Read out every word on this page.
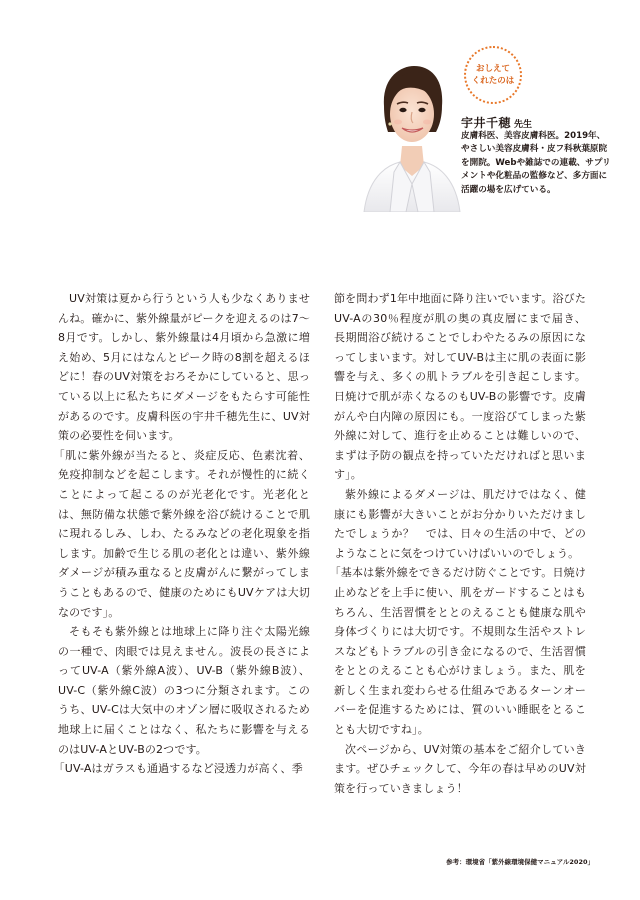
おしえて
くれたのは
宇井千穂 先生

皮膚科医、美容皮膚科医。2019年、やさしい美容皮膚科・皮フ科秋葉原院を開院。Webや雑誌での連載、サプリメントや化粧品の監修など、多方面に活躍の場を広げている。

UV対策は夏から行うという人も少なくありませんね。確かに、紫外線量がピークを迎えるのは7〜8月です。しかし、紫外線量は4月頃から急激に増え始め、5月にはなんとピーク時の8割を超えるほどに！春のUV対策をおろそかにしていると、思っている以上に私たちにダメージをもたらす可能性があるのです。皮膚科医の宇井千穂先生に、UV対策の必要性を伺います。

「肌に紫外線が当たると、炎症反応、色素沈着、免疫抑制などを起こします。それが慢性的に続くことによって起こるのが光老化です。光老化とは、無防備な状態で紫外線を浴び続けることで肌に現れるしみ、しわ、たるみなどの老化現象を指します。加齢で生じる肌の老化とは違い、紫外線ダメージが積み重なると皮膚がんに繋がってしまうこともあるので、健康のためにもUVケアは大切なのです」。

そもそも紫外線とは地球上に降り注ぐ太陽光線の一種で、肉眼では見えません。波長の長さによってUV-A（紫外線A波）、UV-B（紫外線B波）、UV-C（紫外線C波）の3つに分類されます。このうち、UV-Cは大気中のオゾン層に吸収されるため地球上に届くことはなく、私たちに影響を与えるのはUV-AとUV-Bの2つです。

「UV-Aはガラスも通過するなど浸透力が高く、季

節を問わず1年中地面に降り注いでいます。浴びたUV-Aの30％程度が肌の奥の真皮層にまで届き、長期間浴び続けることでしわやたるみの原因になってしまいます。対してUV-Bは主に肌の表面に影響を与え、多くの肌トラブルを引き起こします。日焼けで肌が赤くなるのもUV-Bの影響です。皮膚がんや白内障の原因にも。一度浴びてしまった紫外線に対して、進行を止めることは難しいので、まずは予防の観点を持っていただければと思います」。

紫外線によるダメージは、肌だけではなく、健康にも影響が大きいことがお分かりいただけましたでしょうか？　では、日々の生活の中で、どのようなことに気をつけていけばいいのでしょう。

「基本は紫外線をできるだけ防ぐことです。日焼け止めなどを上手に使い、肌をガードすることはもちろん、生活習慣をととのえることも健康な肌や身体づくりには大切です。不規則な生活やストレスなどもトラブルの引き金になるので、生活習慣をととのえることも心がけましょう。また、肌を新しく生まれ変わらせる仕組みであるターンオーバーを促進するためには、質のいい睡眠をとることも大切ですね」。

次ページから、UV対策の基本をご紹介していきます。ぜひチェックして、今年の春は早めのUV対策を行っていきましょう！

参考：環境省「紫外線環境保健マニュアル2020」
